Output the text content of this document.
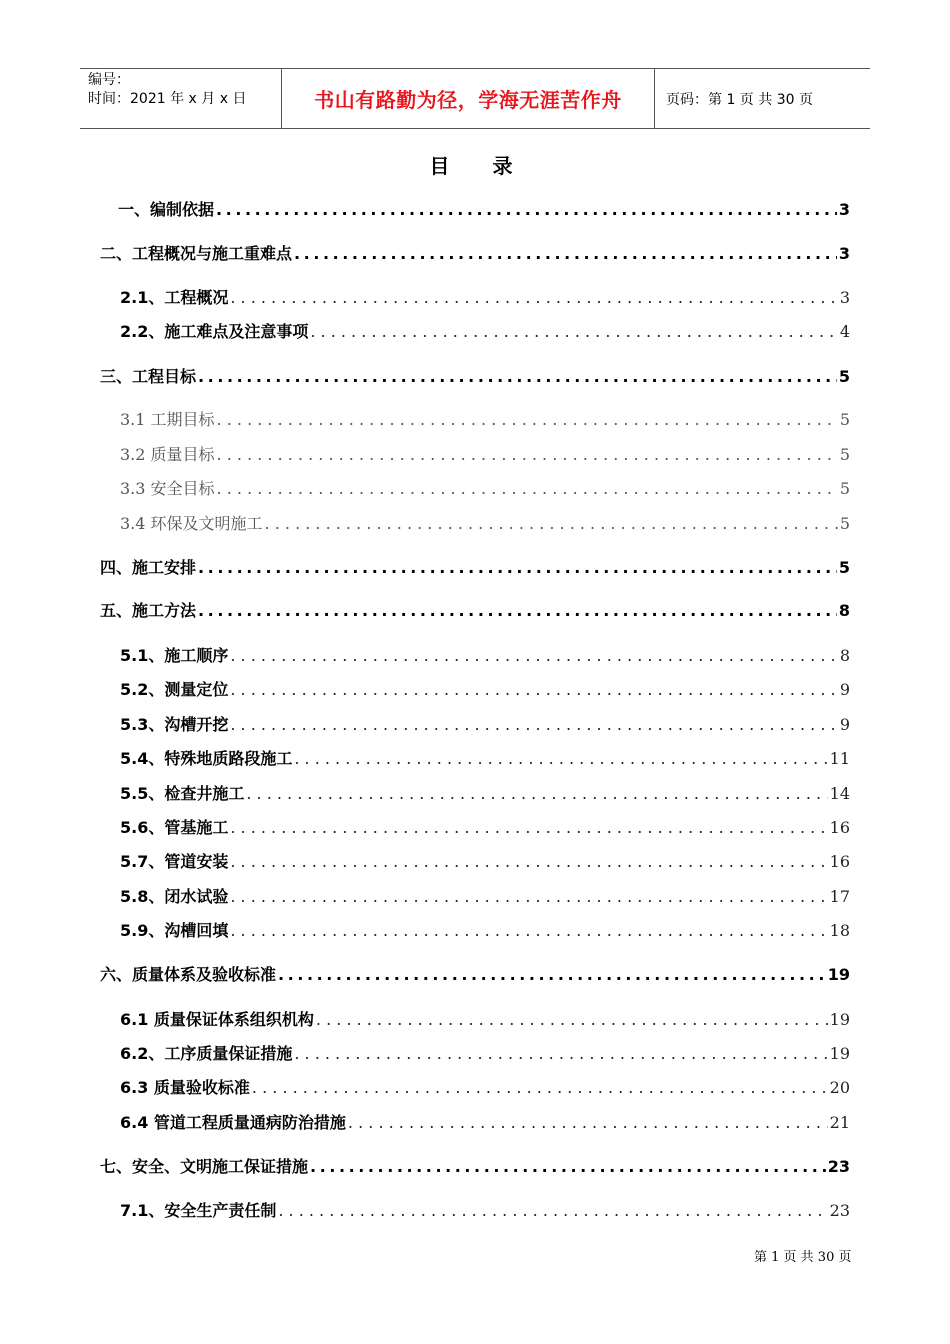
编号：
时间：2021 年 x 月 x 日	书山有路勤为径，学海无涯苦作舟	页码：第 1 页 共 30 页
目 录
一、编制依据 . . .	3
二、工程概况与施工重难点 . . .	3
2.1、工程概况 . . .	3
2.2、施工难点及注意事项 . . .	4
三、工程目标 . . .	5
3.1 工期目标 . . .	5
3.2 质量目标 . . .	5
3.3 安全目标 . . .	5
3.4 环保及文明施工 . . .	5
四、施工安排 . . .	5
五、施工方法 . . .	8
5.1、施工顺序 . . .	8
5.2、测量定位 . . .	9
5.3、沟槽开挖 . . .	9
5.4、特殊地质路段施工 . . .	11
5.5、检查井施工 . . .	14
5.6、管基施工 . . .	16
5.7、管道安装 . . .	16
5.8、闭水试验 . . .	17
5.9、沟槽回填 . . .	18
六、质量体系及验收标准 . . .	19
6.1 质量保证体系组织机构 . . .	19
6.2、工序质量保证措施 . . .	19
6.3 质量验收标准 . . .	20
6.4 管道工程质量通病防治措施 . . .	21
七、安全、文明施工保证措施 . . .	23
7.1、安全生产责任制 . . .	23
第 1 页 共 30 页
